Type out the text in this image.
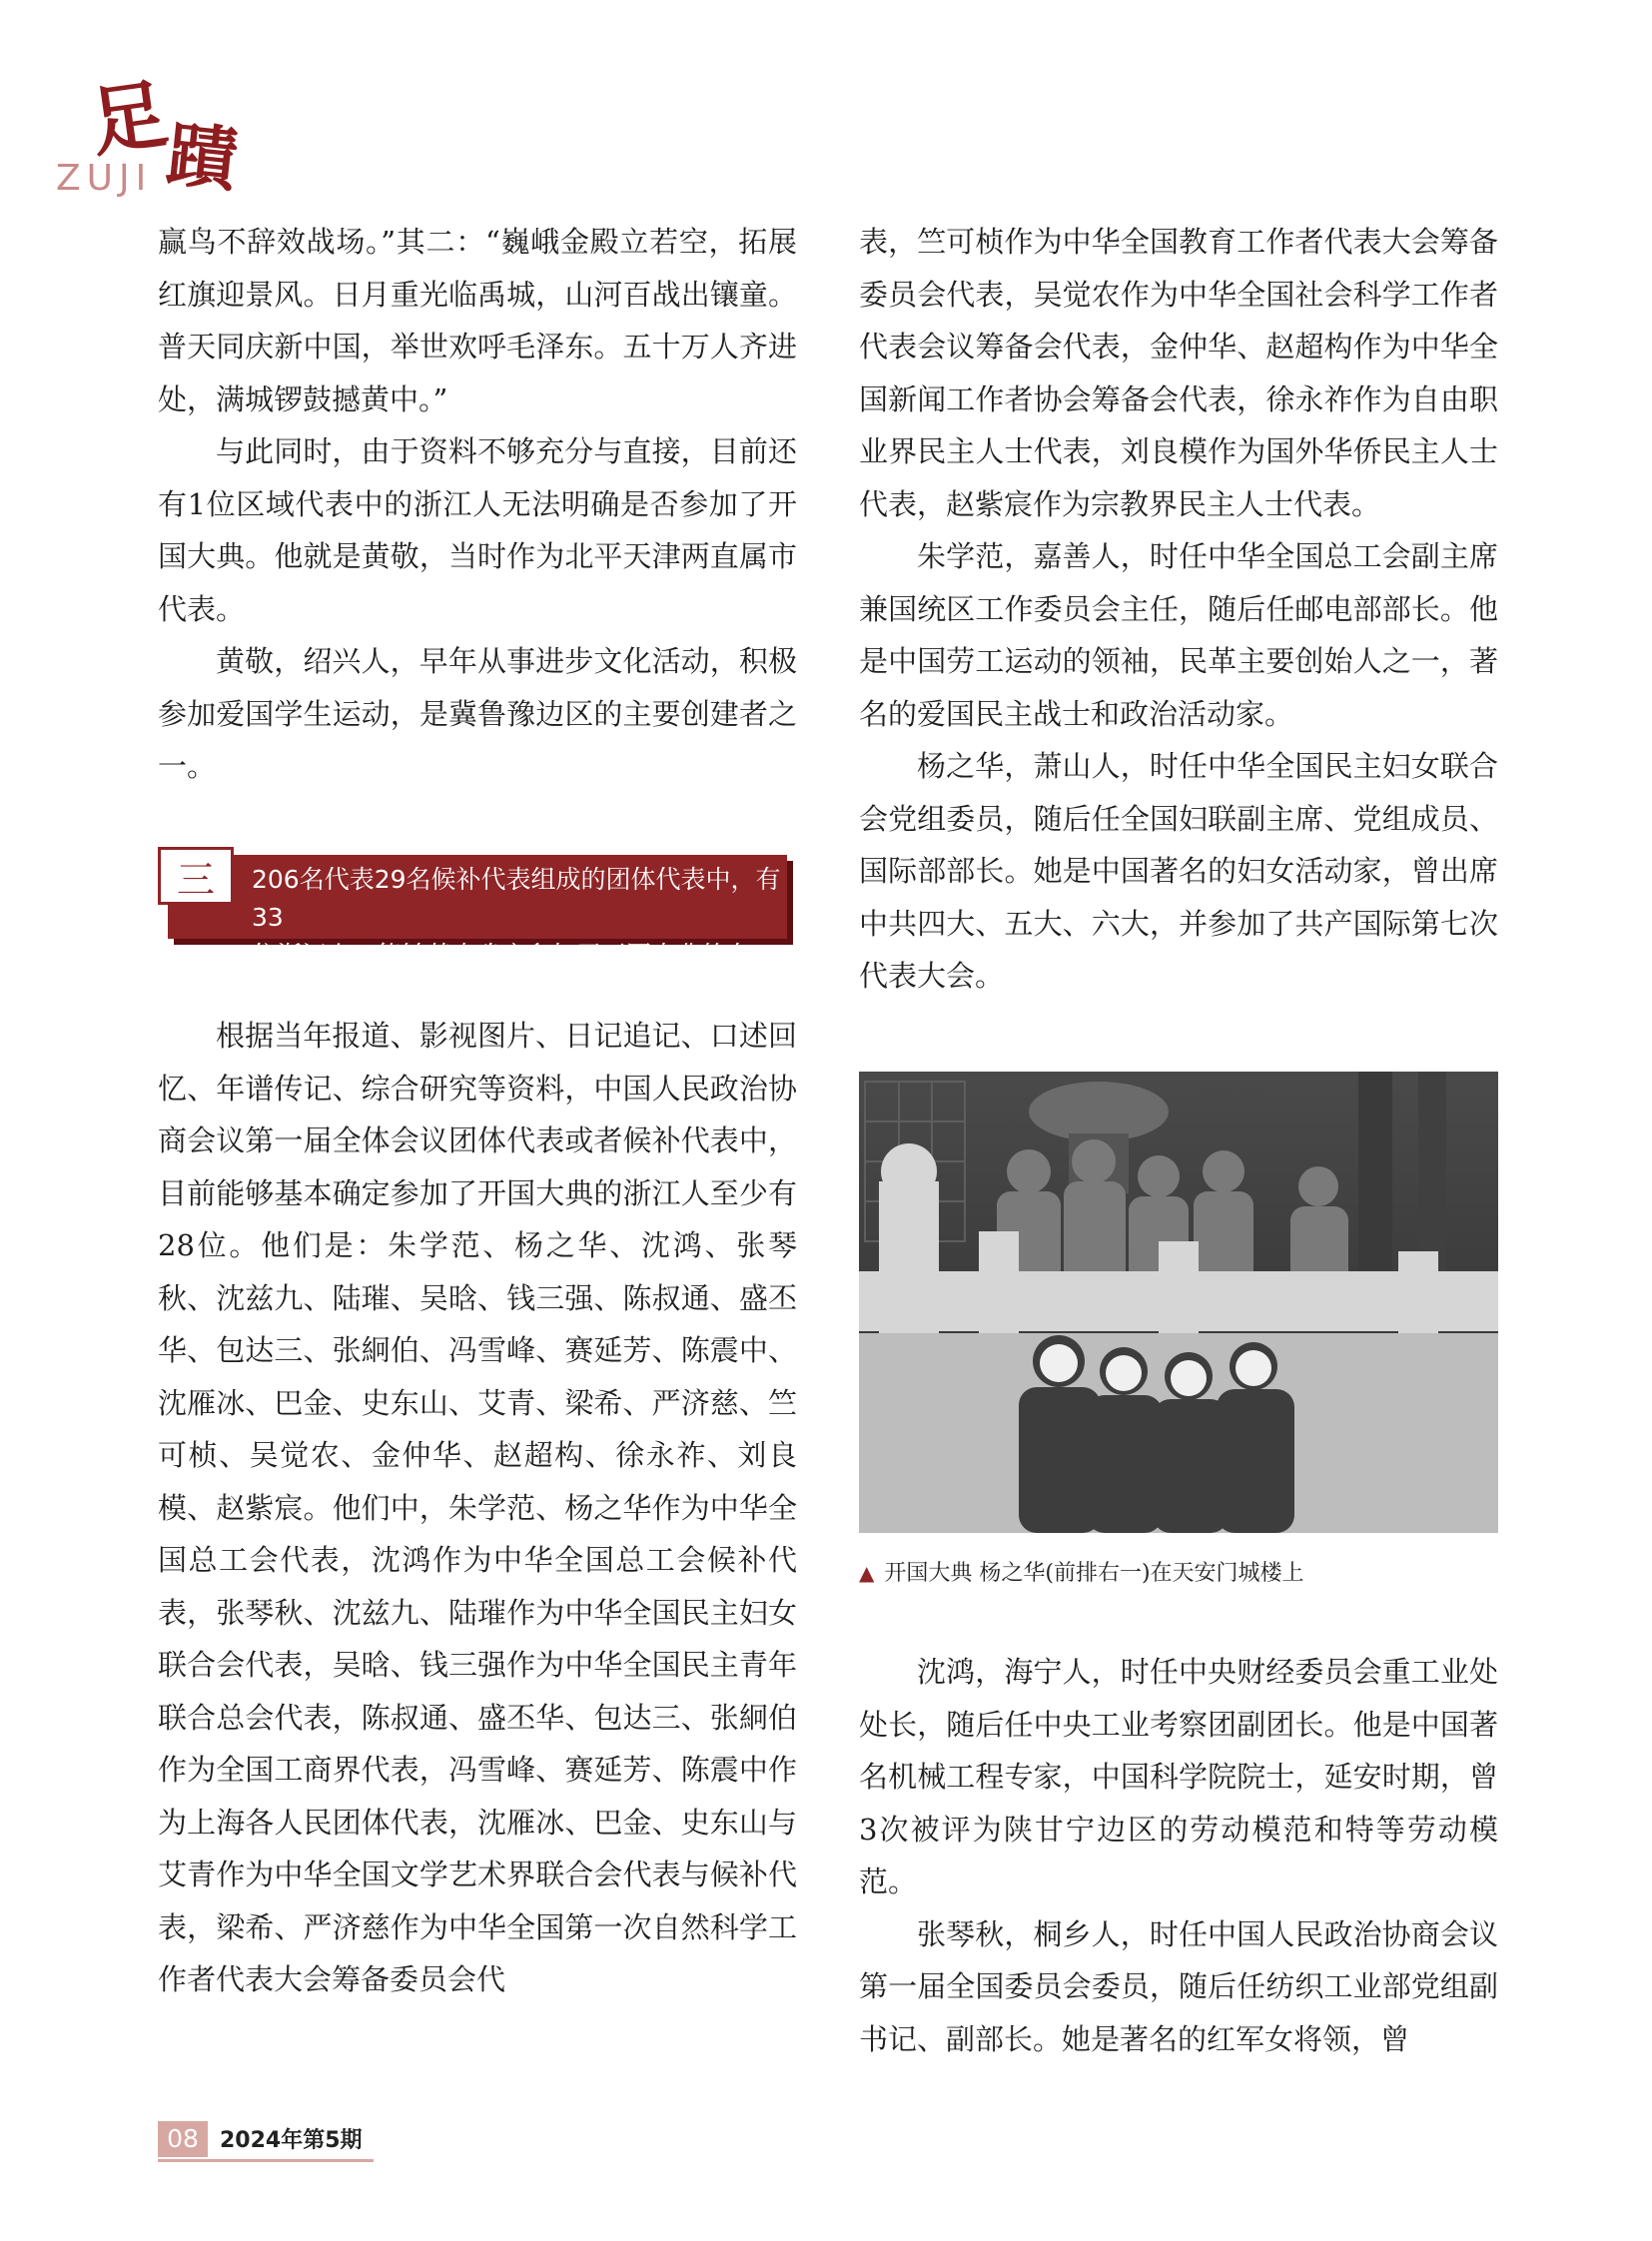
足
蹟
ZUJI

赢鸟不辞效战场。”其二：“巍峨金殿立若空，拓展红旗迎景风。日月重光临禹城，山河百战出镶童。普天同庆新中国，举世欢呼毛泽东。五十万人齐进处，满城锣鼓撼黄中。”

与此同时，由于资料不够充分与直接，目前还有1位区域代表中的浙江人无法明确是否参加了开国大典。他就是黄敬，当时作为北平天津两直属市代表。

黄敬，绍兴人，早年从事进步文化活动，积极参加爱国学生运动，是冀鲁豫边区的主要创建者之一。

三 206名代表29名候补代表组成的团体代表中，有33
位浙江人，能够基本确定参加了开国大典的有28人

根据当年报道、影视图片、日记追记、口述回忆、年谱传记、综合研究等资料，中国人民政治协商会议第一届全体会议团体代表或者候补代表中，目前能够基本确定参加了开国大典的浙江人至少有28位。他们是：朱学范、杨之华、沈鸿、张琴秋、沈兹九、陆璀、吴晗、钱三强、陈叔通、盛丕华、包达三、张絅伯、冯雪峰、赛延芳、陈震中、沈雁冰、巴金、史东山、艾青、梁希、严济慈、竺可桢、吴觉农、金仲华、赵超构、徐永祚、刘良模、赵紫宸。他们中，朱学范、杨之华作为中华全国总工会代表，沈鸿作为中华全国总工会候补代表，张琴秋、沈兹九、陆璀作为中华全国民主妇女联合会代表，吴晗、钱三强作为中华全国民主青年联合总会代表，陈叔通、盛丕华、包达三、张絅伯作为全国工商界代表，冯雪峰、赛延芳、陈震中作为上海各人民团体代表，沈雁冰、巴金、史东山与艾青作为中华全国文学艺术界联合会代表与候补代表，梁希、严济慈作为中华全国第一次自然科学工作者代表大会筹备委员会代

表，竺可桢作为中华全国教育工作者代表大会筹备委员会代表，吴觉农作为中华全国社会科学工作者代表会议筹备会代表，金仲华、赵超构作为中华全国新闻工作者协会筹备会代表，徐永祚作为自由职业界民主人士代表，刘良模作为国外华侨民主人士代表，赵紫宸作为宗教界民主人士代表。

朱学范，嘉善人，时任中华全国总工会副主席兼国统区工作委员会主任，随后任邮电部部长。他是中国劳工运动的领袖，民革主要创始人之一，著名的爱国民主战士和政治活动家。

杨之华，萧山人，时任中华全国民主妇女联合会党组委员，随后任全国妇联副主席、党组成员、国际部部长。她是中国著名的妇女活动家，曾出席中共四大、五大、六大，并参加了共产国际第七次代表大会。

▲ 开国大典 杨之华(前排右一)在天安门城楼上

沈鸿，海宁人，时任中央财经委员会重工业处处长，随后任中央工业考察团副团长。他是中国著名机械工程专家，中国科学院院士，延安时期，曾3次被评为陕甘宁边区的劳动模范和特等劳动模范。

张琴秋，桐乡人，时任中国人民政治协商会议第一届全国委员会委员，随后任纺织工业部党组副书记、副部长。她是著名的红军女将领，曾

08 2024年第5期
